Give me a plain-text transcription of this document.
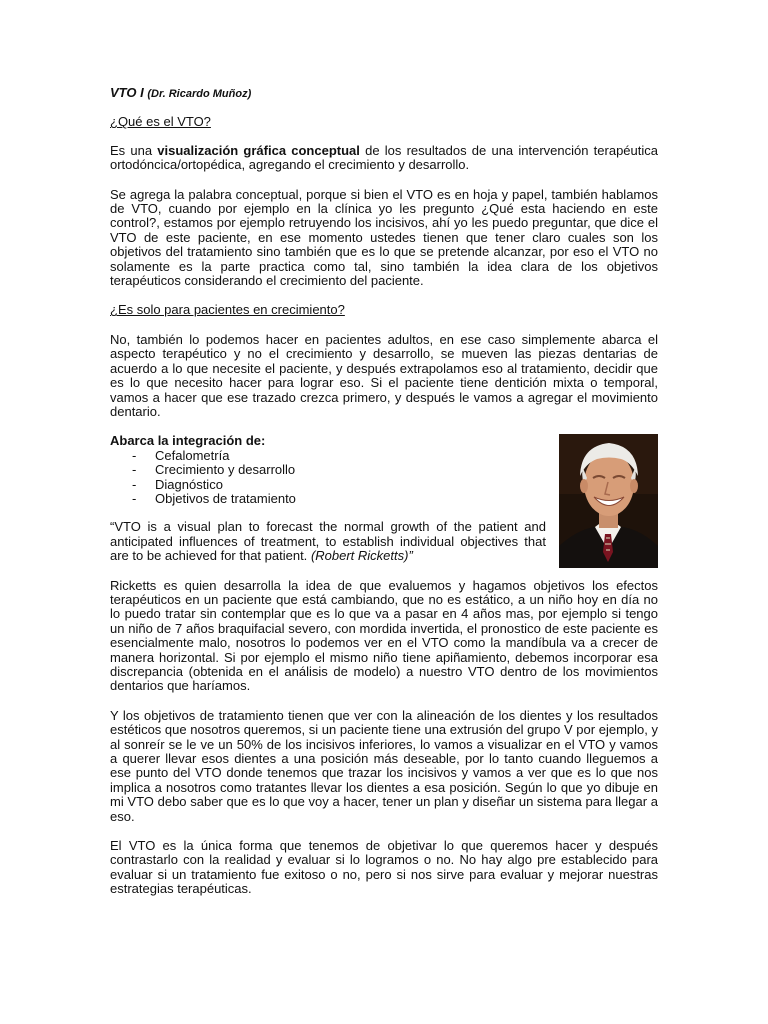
VTO I (Dr. Ricardo Muñoz)

¿Qué es el VTO?

Es una visualización gráfica conceptual de los resultados de una intervención terapéutica ortodóncica/ortopédica, agregando el crecimiento y desarrollo.

Se agrega la palabra conceptual, porque si bien el VTO es en hoja y papel, también hablamos de VTO, cuando por ejemplo en la clínica yo les pregunto ¿Qué esta haciendo en este control?, estamos por ejemplo retruyendo los incisivos, ahí yo les puedo preguntar, que dice el VTO de este paciente, en ese momento ustedes tienen que tener claro cuales son los objetivos del tratamiento sino también que es lo que se pretende alcanzar, por eso el VTO no solamente es la parte practica como tal, sino también la idea clara de los objetivos terapéuticos considerando el crecimiento del paciente.

¿Es solo para pacientes en crecimiento?

No, también lo podemos hacer en pacientes adultos, en ese caso simplemente abarca el aspecto terapéutico y no el crecimiento y desarrollo, se mueven las piezas dentarias de acuerdo a lo que necesite el paciente, y después extrapolamos eso al tratamiento, decidir que es lo que necesito hacer para lograr eso. Si el paciente tiene dentición mixta o temporal, vamos a hacer que ese trazado crezca primero, y después le vamos a agregar el movimiento dentario.

Abarca la integración de:

- Cefalometría
- Crecimiento y desarrollo
- Diagnóstico
- Objetivos de tratamiento

“VTO is a visual plan to forecast the normal growth of the patient and anticipated influences of treatment, to establish individual objectives that are to be achieved for that patient. (Robert Ricketts)”

Ricketts es quien desarrolla la idea de que evaluemos y hagamos objetivos los efectos terapéuticos en un paciente que está cambiando, que no es estático, a un niño hoy en día no lo puedo tratar sin contemplar que es lo que va a pasar en 4 años mas, por ejemplo si tengo un niño de 7 años braquifacial severo, con mordida invertida, el pronostico de este paciente es esencialmente malo, nosotros lo podemos ver en el VTO como la mandíbula va a crecer de manera horizontal. Si por ejemplo el mismo niño tiene apiñamiento, debemos incorporar esa discrepancia (obtenida en el análisis de modelo) a nuestro VTO dentro de los movimientos dentarios que haríamos.

Y los objetivos de tratamiento tienen que ver con la alineación de los dientes y los resultados estéticos que nosotros queremos, si un paciente tiene una extrusión del grupo V por ejemplo, y al sonreír se le ve un 50% de los incisivos inferiores, lo vamos a visualizar en el VTO y vamos a querer llevar esos dientes a una posición más deseable, por lo tanto cuando lleguemos a ese punto del VTO donde tenemos que trazar los incisivos y vamos a ver que es lo que nos implica a nosotros como tratantes llevar los dientes a esa posición. Según lo que yo dibuje en mi VTO debo saber que es lo que voy a hacer, tener un plan y diseñar un sistema para llegar a eso.

El VTO es la única forma que tenemos de objetivar lo que queremos hacer y después contrastarlo con la realidad y evaluar si lo logramos o no. No hay algo pre establecido para evaluar si un tratamiento fue exitoso o no, pero si nos sirve para evaluar y mejorar nuestras estrategias terapéuticas.
